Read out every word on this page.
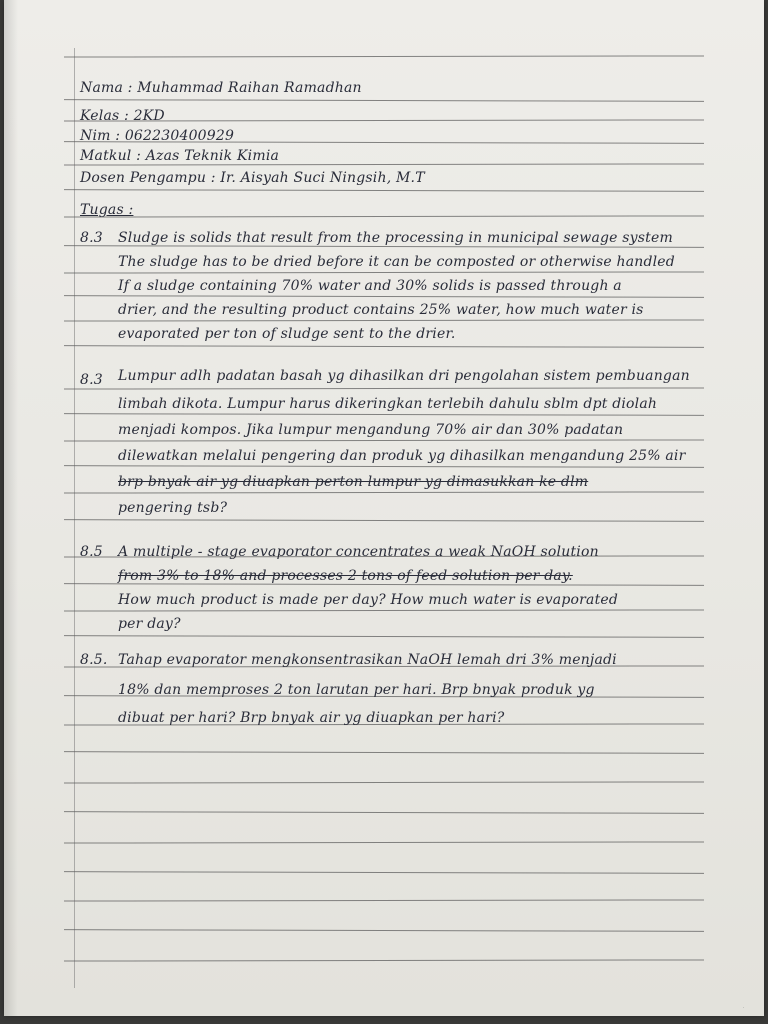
Nama : Muhammad Raihan Ramadhan
Kelas : 2KD
Nim : 062230400929
Matkul : Azas Teknik Kimia
Dosen Pengampu : Ir. Aisyah Suci Ningsih, M.T
Tugas :
8.3 Sludge is solids that result from the processing in municipal sewage system
The sludge has to be dried before it can be composted or otherwise handled
If a sludge containing 70% water and 30% solids is passed through a
drier, and the resulting product contains 25% water, how much water is
evaporated per ton of sludge sent to the drier.
8.3 Lumpur adlh padatan basah yg dihasilkan dri pengolahan sistem pembuangan
limbah dikota. Lumpur harus dikeringkan terlebih dahulu sblm dpt diolah
menjadi kompos. Jika lumpur mengandung 70% air dan 30% padatan
dilewatkan melalui pengering dan produk yg dihasilkan mengandung 25% air
brp bnyak air yg diuapkan perton lumpur yg dimasukkan ke dlm
pengering tsb?
8.5 A multiple - stage evaporator concentrates a weak NaOH solution
from 3% to 18% and processes 2 tons of feed solution per day.
How much product is made per day? How much water is evaporated
per day?
8.5. Tahap evaporator mengkonsentrasikan NaOH lemah dri 3% menjadi
18% dan memproses 2 ton larutan per hari. Brp bnyak produk yg
dibuat per hari? Brp bnyak air yg diuapkan per hari?
·
